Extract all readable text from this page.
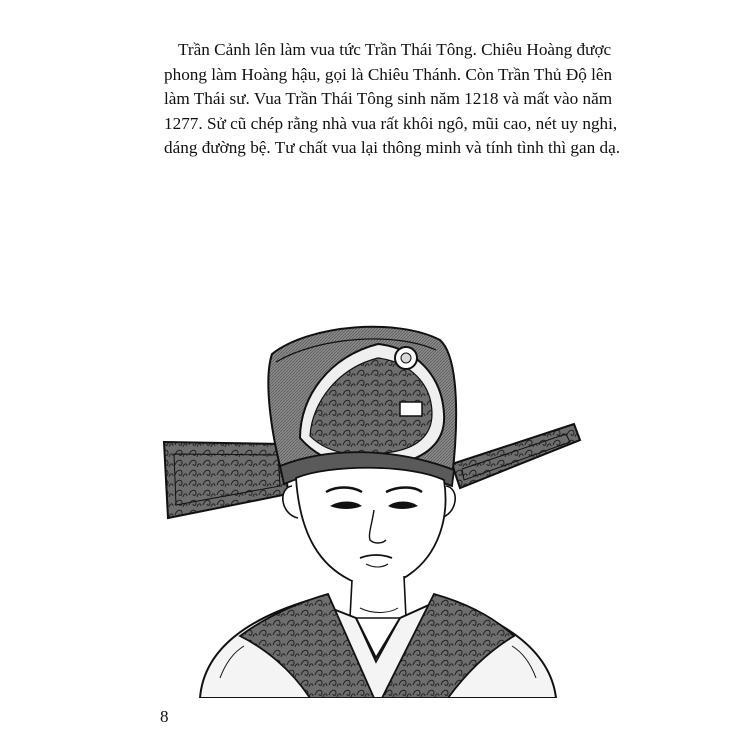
Trần Cảnh lên làm vua tức Trần Thái Tông. Chiêu Hoàng được
phong làm Hoàng hậu, gọi là Chiêu Thánh. Còn Trần Thủ Độ lên
làm Thái sư. Vua Trần Thái Tông sinh năm 1218 và mất vào năm
1277. Sử cũ chép rằng nhà vua rất khôi ngô, mũi cao, nét uy nghi,
dáng đường bệ. Tư chất vua lại thông minh và tính tình thì gan dạ.
8
